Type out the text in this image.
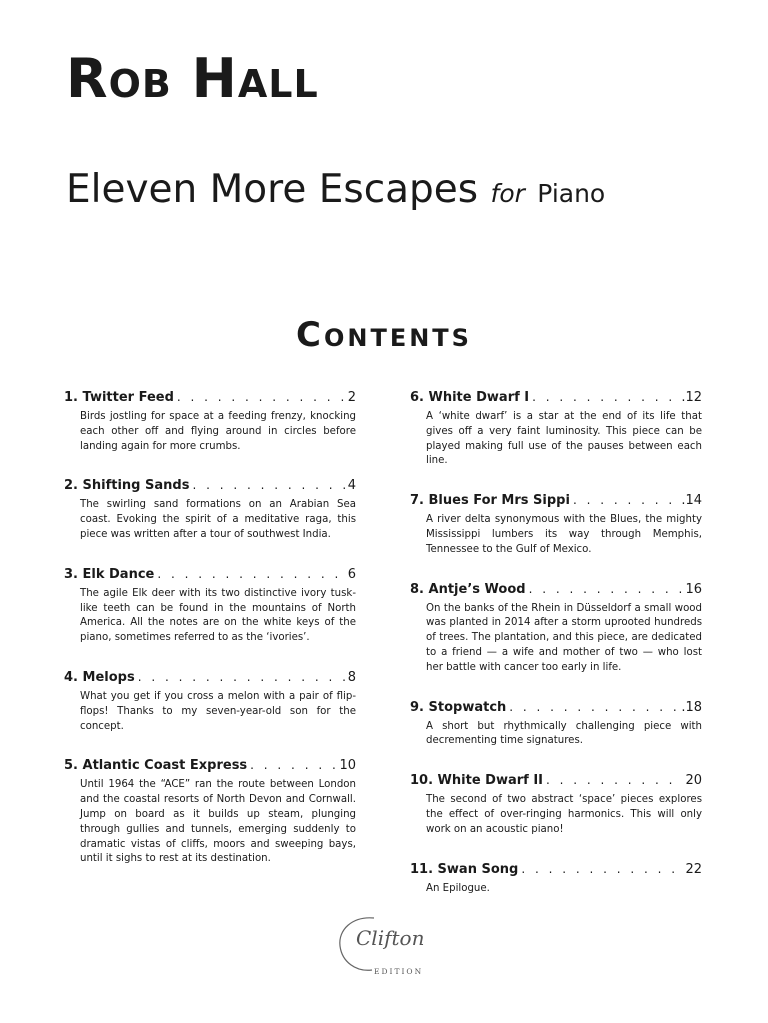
Rob Hall
Eleven More Escapes for Piano
Contents
1. Twitter Feed . . .	2
Birds jostling for space at a feeding frenzy, knocking each other off and flying around in circles before landing again for more crumbs.
2. Shifting Sands . . .	4
The swirling sand formations on an Arabian Sea coast. Evoking the spirit of a meditative raga, this piece was written after a tour of southwest India.
3. Elk Dance . . .	6
The agile Elk deer with its two distinctive ivory tusk-like teeth can be found in the mountains of North America. All the notes are on the white keys of the piano, sometimes referred to as the ‘ivories’.
4. Melops . . .	8
What you get if you cross a melon with a pair of flip-flops! Thanks to my seven-year-old son for the concept.
5. Atlantic Coast Express . . .	10
Until 1964 the “ACE” ran the route between London and the coastal resorts of North Devon and Cornwall. Jump on board as it builds up steam, plunging through gullies and tunnels, emerging suddenly to dramatic vistas of cliffs, moors and sweeping bays, until it sighs to rest at its destination.
6. White Dwarf I . . .	.12
A ‘white dwarf’ is a star at the end of its life that gives off a very faint luminosity. This piece can be played making full use of the pauses between each line.
7. Blues For Mrs Sippi . . .	.14
A river delta synonymous with the Blues, the mighty Mississippi lumbers its way through Memphis, Tennessee to the Gulf of Mexico.
8. Antje’s Wood . . .	16
On the banks of the Rhein in Düsseldorf a small wood was planted in 2014 after a storm uprooted hundreds of trees. The plantation, and this piece, are dedicated to a friend — a wife and mother of two — who lost her battle with cancer too early in life.
9. Stopwatch . . .	.18
A short but rhythmically challenging piece with decrementing time signatures.
10. White Dwarf II . . .	20
The second of two abstract ‘space’ pieces explores the effect of over-ringing harmonics. This will only work on an acoustic piano!
11. Swan Song . . .	22
An Epilogue.
Clifton
EDITION
